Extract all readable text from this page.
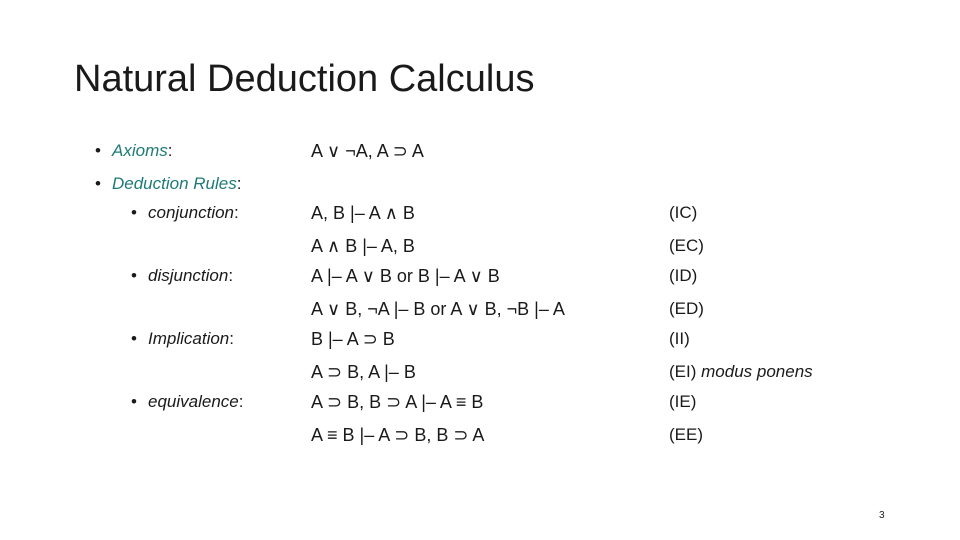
Natural Deduction Calculus
• Axioms:
• Deduction Rules:
• conjunction:
• disjunction:
• Implication:
• equivalence:
A ∨ ¬A, A ⊃ A
A, B |– A ∧ B
A ∧ B |– A, B
A |– A ∨ B or B |– A ∨ B
A ∨ B, ¬A |– B or A ∨ B, ¬B |– A
B |– A ⊃ B
A ⊃ B, A |– B
A ⊃ B, B ⊃ A |– A ≡ B
A ≡ B |– A ⊃ B, B ⊃ A
(IC)
(EC)
(ID)
(ED)
(II)
(EI) modus ponens
(IE)
(EE)
3
